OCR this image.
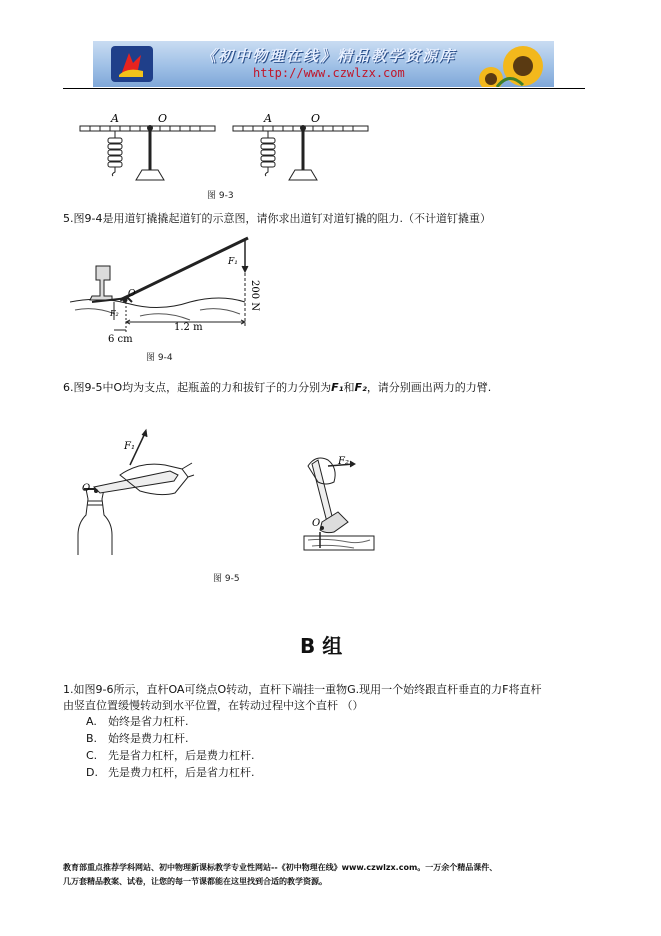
《初中物理在线》精品教学资源库
http://www.czwlzx.com
A	O	A	O
图 9-3
5.图9-4是用道钉撬撬起道钉的示意图，请你求出道钉对道钉撬的阻力.（不计道钉撬重）
F₁
F₂
O	200 N
1.2 m
6 cm
图 9-4
6.图9-5中O均为支点，起瓶盖的力和拔钉子的力分别为F₁和F₂，请分别画出两力的力臂.
F₁
O
F₂
O
图 9-5
B 组
1.如图9-6所示，直杆OA可绕点O转动，直杆下端挂一重物G.现用一个始终跟直杆垂直的力F将直杆
由竖直位置缓慢转动到水平位置，在转动过程中这个直杆 （）
A. 始终是省力杠杆.
B. 始终是费力杠杆.
C. 先是省力杠杆，后是费力杠杆.
D. 先是费力杠杆，后是省力杠杆.
教育部重点推荐学科网站、初中物理新课标教学专业性网站--《初中物理在线》www.czwlzx.com。一万余个精品课件、
几万套精品教案、试卷，让您的每一节课都能在这里找到合适的教学资源。
